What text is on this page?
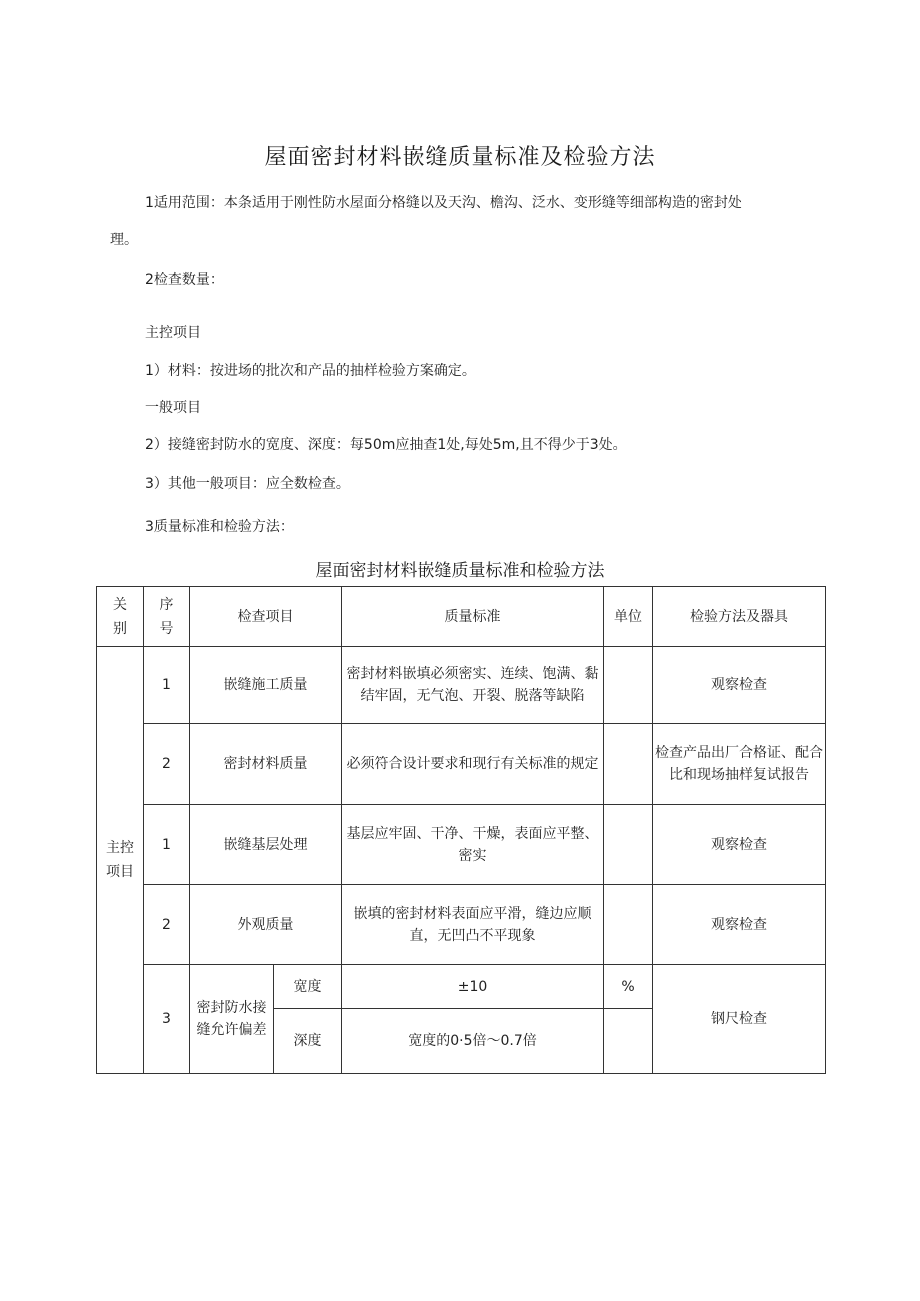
屋面密封材料嵌缝质量标准及检验方法
1适用范围：本条适用于刚性防水屋面分格缝以及天沟、檐沟、泛水、变形缝等细部构造的密封处
理。
2检查数量：
主控项目
1）材料：按进场的批次和产品的抽样检验方案确定。
一般项目
2）接缝密封防水的宽度、深度：每50m应抽查1处,每处5m,且不得少于3处。
3）其他一般项目：应全数检查。
3质量标准和检验方法：
屋面密封材料嵌缝质量标准和检验方法
关别	序号	检查项目		质量标准	单位	检验方法及器具

主控项目	1	嵌缝施工质量		密封材料嵌填必须密实、连续、饱满、黏结牢固，无气泡、开裂、脱落等缺陷		观察检查
	2	密封材料质量		必须符合设计要求和现行有关标准的规定		检查产品出厂合格证、配合比和现场抽样复试报告
	1	嵌缝基层处理		基层应牢固、干净、干燥，表面应平整、密实		观察检查
	2	外观质量		嵌填的密封材料表面应平滑，缝边应顺直，无凹凸不平现象		观察检查
	3	密封防水接缝允许偏差	宽度	±10	%	钢尺检查
			深度	宽度的0·5倍～0.7倍		
